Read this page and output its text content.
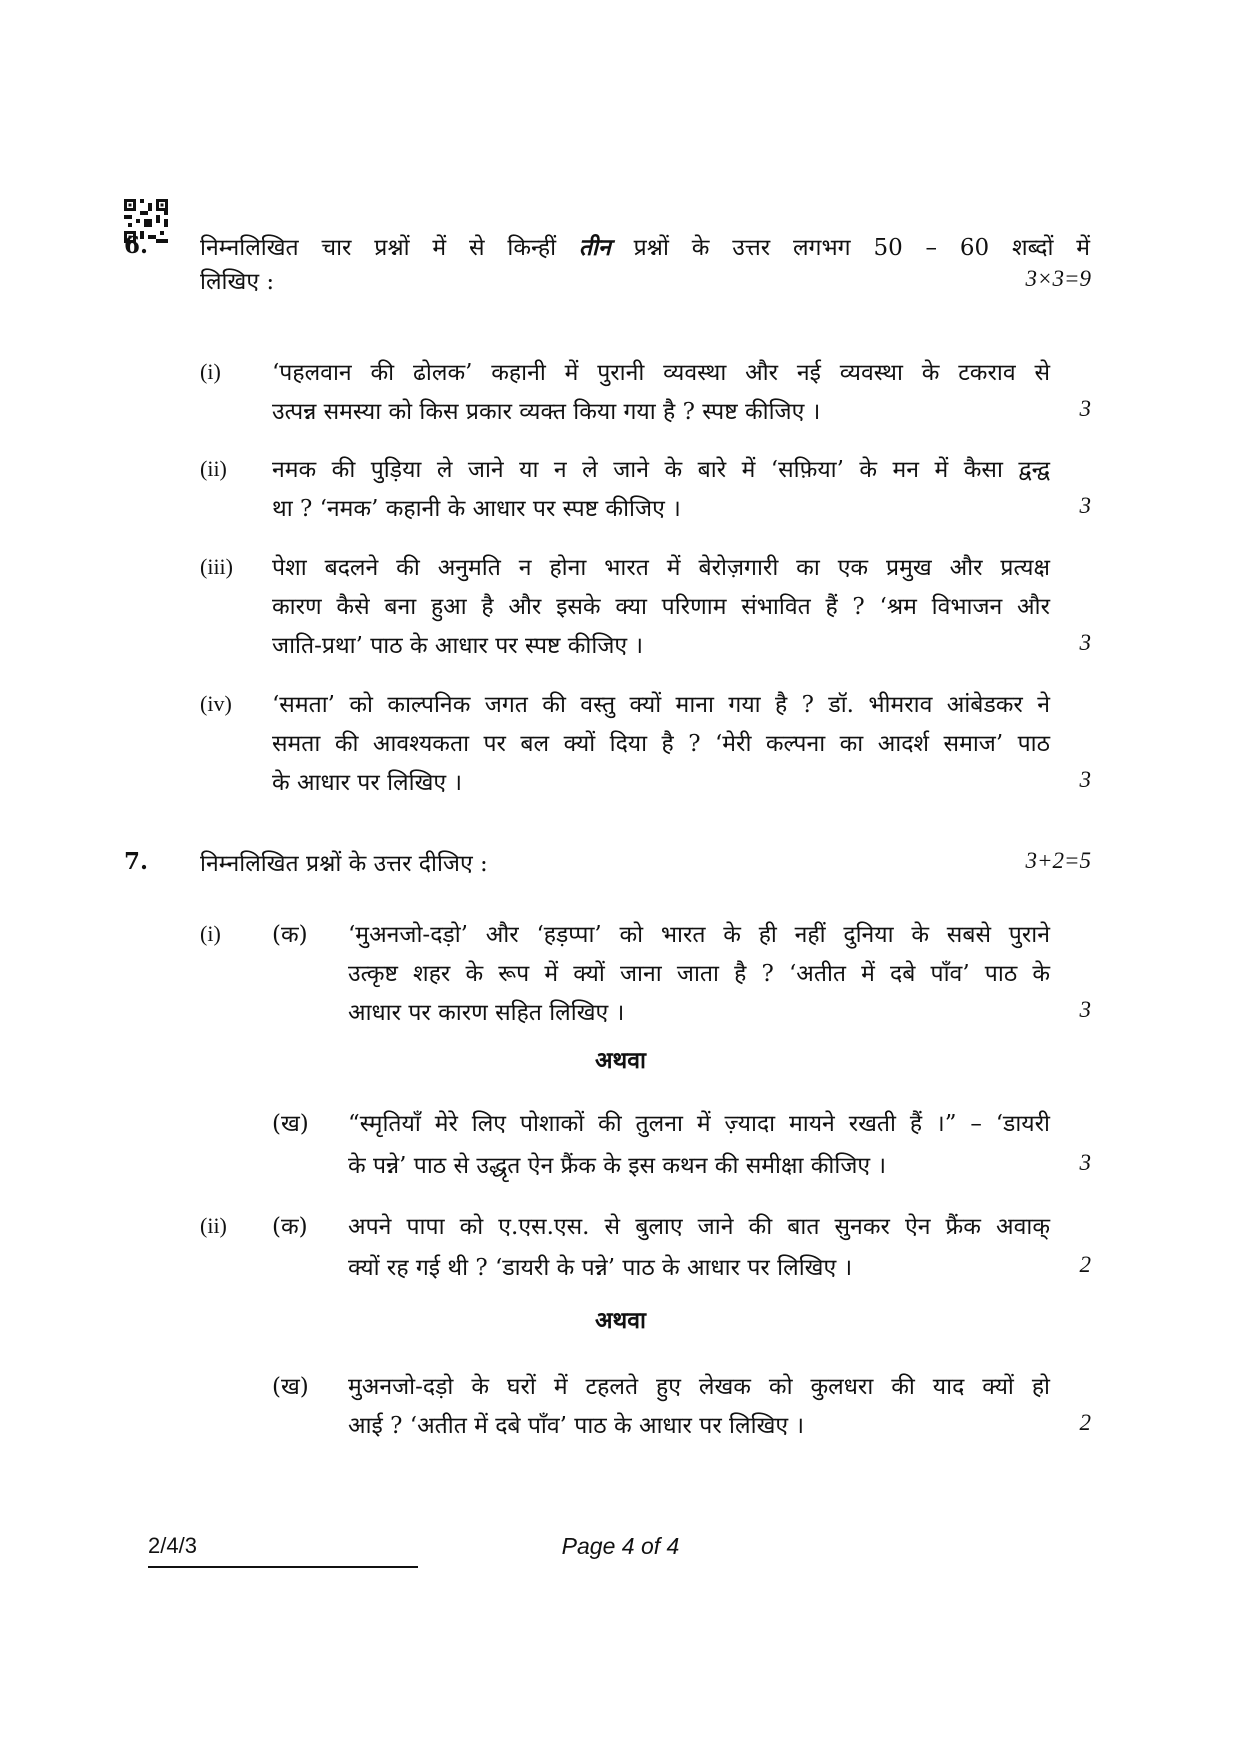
6. निम्नलिखित चार प्रश्नों में से किन्हीं तीन प्रश्नों के उत्तर लगभग 50 – 60 शब्दों में
लिखिए :	3×3=9
(i) ‘पहलवान की ढोलक’ कहानी में पुरानी व्यवस्था और नई व्यवस्था के टकराव से
उत्पन्न समस्या को किस प्रकार व्यक्त किया गया है ? स्पष्ट कीजिए ।	3
(ii) नमक की पुड़िया ले जाने या न ले जाने के बारे में ‘सफ़िया’ के मन में कैसा द्वन्द्व
था ? ‘नमक’ कहानी के आधार पर स्पष्ट कीजिए ।	3
(iii) पेशा बदलने की अनुमति न होना भारत में बेरोज़गारी का एक प्रमुख और प्रत्यक्ष
कारण कैसे बना हुआ है और इसके क्या परिणाम संभावित हैं ? ‘श्रम विभाजन और
जाति-प्रथा’ पाठ के आधार पर स्पष्ट कीजिए ।	3
(iv) ‘समता’ को काल्पनिक जगत की वस्तु क्यों माना गया है ? डॉ. भीमराव आंबेडकर ने
समता की आवश्यकता पर बल क्यों दिया है ? ‘मेरी कल्पना का आदर्श समाज’ पाठ
के आधार पर लिखिए ।	3
7. निम्नलिखित प्रश्नों के उत्तर दीजिए :	3+2=5
(i) (क) ‘मुअनजो-दड़ो’ और ‘हड़प्पा’ को भारत के ही नहीं दुनिया के सबसे पुराने
उत्कृष्ट शहर के रूप में क्यों जाना जाता है ? ‘अतीत में दबे पाँव’ पाठ के
आधार पर कारण सहित लिखिए ।	3
अथवा
(ख) “स्मृतियाँ मेरे लिए पोशाकों की तुलना में ज़्यादा मायने रखती हैं ।” – ‘डायरी
के पन्ने’ पाठ से उद्धृत ऐन फ्रैंक के इस कथन की समीक्षा कीजिए ।	3
(ii) (क) अपने पापा को ए.एस.एस. से बुलाए जाने की बात सुनकर ऐन फ्रैंक अवाक्
क्यों रह गई थी ? ‘डायरी के पन्ने’ पाठ के आधार पर लिखिए ।	2
अथवा
(ख) मुअनजो-दड़ो के घरों में टहलते हुए लेखक को कुलधरा की याद क्यों हो
आई ? ‘अतीत में दबे पाँव’ पाठ के आधार पर लिखिए ।	2
2/4/3	Page 4 of 4
